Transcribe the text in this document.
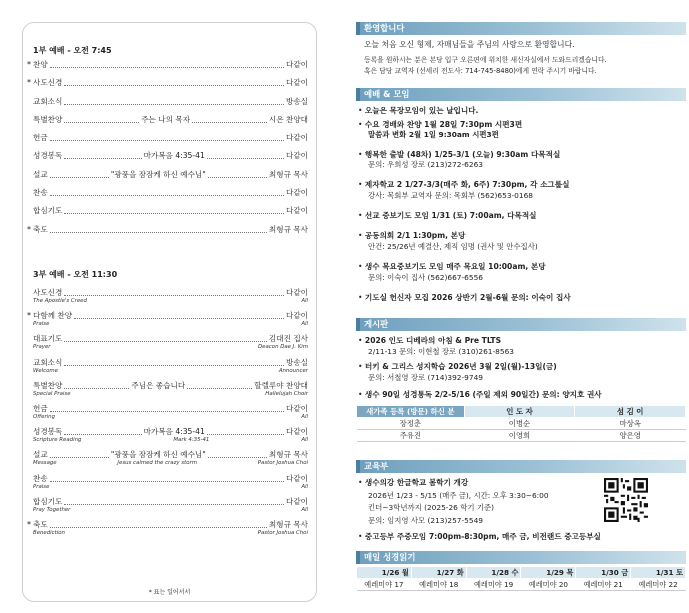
1부 예배 - 오전 7:45
* 찬양	다같이
* 사도신경	다같이
교회소식	방송실
특별찬양	주는 나의 목자	시온 찬양대
헌금	다같이
성경봉독	마가복음 4:35-41	다같이
설교	"광풍을 잠잠케 하신 예수님"	최형규 목사
찬송	다같이
합심기도	다같이
* 축도	최형규 목사
3부 예배 - 오전 11:30
사도신경	다같이
The Apostle's Creed	All
* 다함께 찬양	다같이
Praise	All
대표기도	김대진 집사
Prayer	Deacon Dae J. Kim
교회소식	방송실
Welcome	Announcer
특별찬양	주님은 좋습니다	할렐루야 찬양대
Special Praise	Hallelujah Choir
헌금	다같이
Offering	All
성경봉독	마가복음 4:35-41	다같이
Scripture Reading	Mark 4:35-41	All
설교	"광풍을 잠잠케 하신 예수님"	최형규 목사
Message	Jesus calmed the crazy storm	Pastor Joshua Choi
찬송	다같이
Praise	All
합심기도	다같이
Pray Together	All
* 축도	최형규 목사
Benediction	Pastor Joshua Choi
* 표는 일어서서
환영합니다
오늘 처음 오신 형제, 자매님들을 주님의 사랑으로 환영합니다.
등록을 원하시는 분은 본당 입구 오른편에 위치한 새신자실에서 도와드리겠습니다.
혹은 담당 교역자 (선세리 전도사: 714-745-8480)에게 연락 주시기 바랍니다.
예배 & 모임
• 오늘은 목장모임이 있는 날입니다.
• 수요 경배와 찬양 1월 28일 7:30pm 시편3편
말씀과 변화 2월 1일 9:30am 시편3편
• 행복한 출발 (48차) 1/25-3/1 (오늘) 9:30am 다목적실
문의: 우희성 장로 (213)272-6263
• 제자학교 2 1/27-3/3(매주 화, 6주) 7:30pm, 각 소그룹실
강사: 목회부 교역자 문의: 목회부 (562)653-0168
• 선교 중보기도 모임 1/31 (토) 7:00am, 다목적실
• 공동의회 2/1 1:30pm, 본당
안건: 25/26년 예결산, 제직 임명 (권사 및 안수집사)
• 생수 목요중보기도 모임 매주 목요일 10:00am, 본당
문의: 이숙이 집사 (562)667-6556
• 기도실 헌신자 모집 2026 상반기 2월-6월 문의: 이숙이 집사
게시판
• 2026 인도 디베라의 아침 & Pre TLTS
2/11-13 문의: 이현철 장로 (310)261-8563
• 터키 & 그리스 성지학습 2026년 3월 2일(월)-13일(금)
문의: 서철영 장로 (714)392-9749
• 생수 90일 성경통독 2/2-5/16 (주일 제외 90일간) 문의: 양지호 권사
새가족 등록 (방문) 하신 분	인 도 자	섬 김 이
장정춘	이병순	마상옥
주유진	이영희	양은영
교육부
• 생수의강 한글학교 봄학기 개강
2026년 1/23 - 5/15 (매주 금), 시간: 오후 3:30~6:00
킨더~3학년까지 (2025-26 학기 기준)
문의: 임지영 사모 (213)257-5549
• 중고등부 주중모임 7:00pm-8:30pm, 매주 금, 비전랜드 중고등부실
매일 성경읽기
1/26 월	1/27 화	1/28 수	1/29 목	1/30 금	1/31 토
예레미야 17	예레미야 18	예레미야 19	예레미야 20	예레미야 21	예레미야 22
